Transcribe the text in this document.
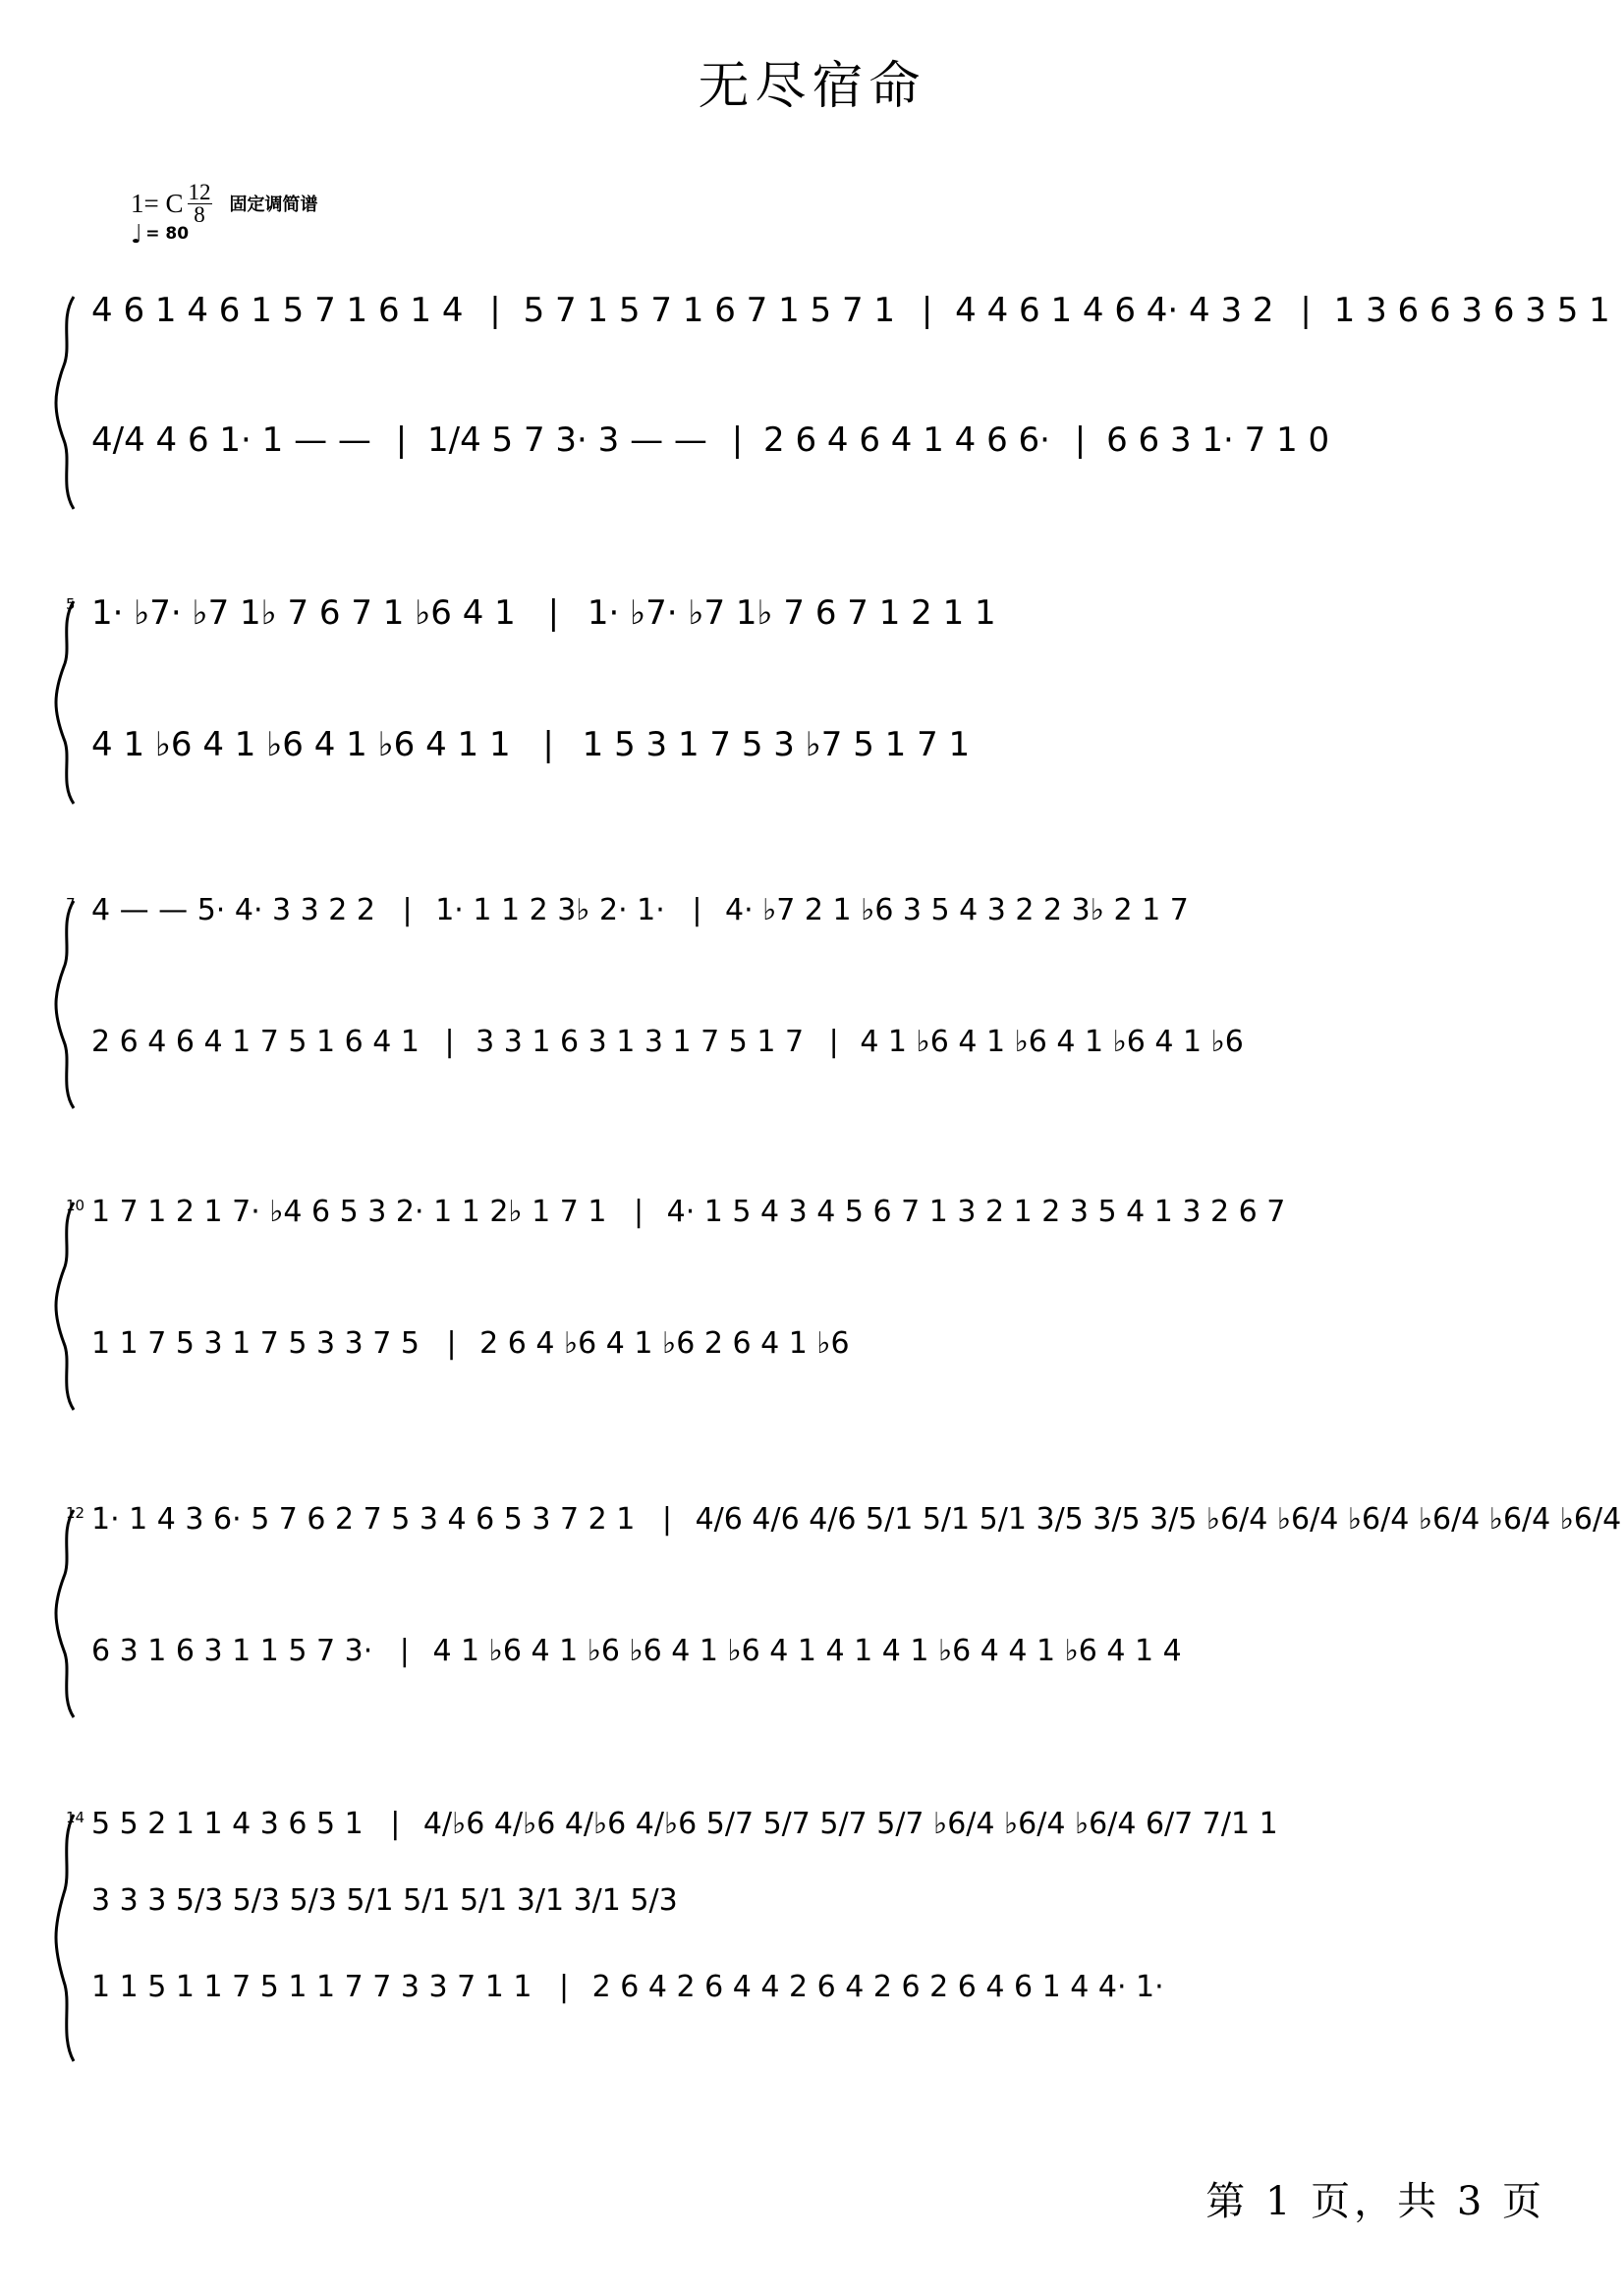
无尽宿命
1= C $\frac{12}{8}$ 固定调简谱
♩ = 80
4 6 1 4 6 1 5 7 1 6 1 4 | 5 7 1 5 7 1 6 7 1 5 7 1 | 4 4 6 1 4 6 4· 4 3 2 | 1 3 6 6 3 6 3 5 1
4/4 4 6 1· 1 — — | 1/4 5 7 3· 3 — — | 2 6 4 6 4 1 4 6 6· | 6 6 3 1· 7 1 0
5 1· ♭7· ♭7 1♭ 7 6 7 1 ♭6 4 1 | 1· ♭7· ♭7 1♭ 7 6 7 1 2 1 1
4 1 ♭6 4 1 ♭6 4 1 ♭6 4 1 1 | 1 5 3 1 7 5 3 ♭7 5 1 7 1
7 4 — — 5· 4· 3 3 2 2 | 1· 1 1 2 3♭ 2· 1· | 4· ♭7 2 1 ♭6 3 5 4 3 2 2 3♭ 2 1 7
2 6 4 6 4 1 7 5 1 6 4 1 | 3 3 1 6 3 1 3 1 7 5 1 7 | 4 1 ♭6 4 1 ♭6 4 1 ♭6 4 1 ♭6
10 1 7 1 2 1 7· ♭4 6 5 3 2· 1 1 2♭ 1 7 1 | 4· 1 5 4 3 4 5 6 7 1 3 2 1 2 3 5 4 1 3 2 6 7
1 1 7 5 3 1 7 5 3 3 7 5 | 2 6 4 ♭6 4 1 ♭6 2 6 4 1 ♭6
12 1· 1 4 3 6· 5 7 6 2 7 5 3 4 6 5 3 7 2 1 | 4/6 4/6 4/6 5/1 5/1 5/1 3/5 3/5 3/5 ♭6/4 ♭6/4 ♭6/4 ♭6/4 ♭6/4 ♭6/4
6 3 1 6 3 1 1 5 7 3· | 4 1 ♭6 4 1 ♭6 ♭6 4 1 ♭6 4 1 4 1 4 1 ♭6 4 4 1 ♭6 4 1 4
14 5 5 2 1 1 4 3 6 5 1 | 4/♭6 4/♭6 4/♭6 4/♭6 5/7 5/7 5/7 5/7 ♭6/4 ♭6/4 ♭6/4 6/7 7/1 1
3 3 3 5/3 5/3 5/3 5/1 5/1 5/1 3/1 3/1 5/3
1 1 5 1 1 7 5 1 1 7 7 3 3 7 1 1 | 2 6 4 2 6 4 4 2 6 4 2 6 2 6 4 6 1 4 4· 1·
第 1 页，共 3 页
